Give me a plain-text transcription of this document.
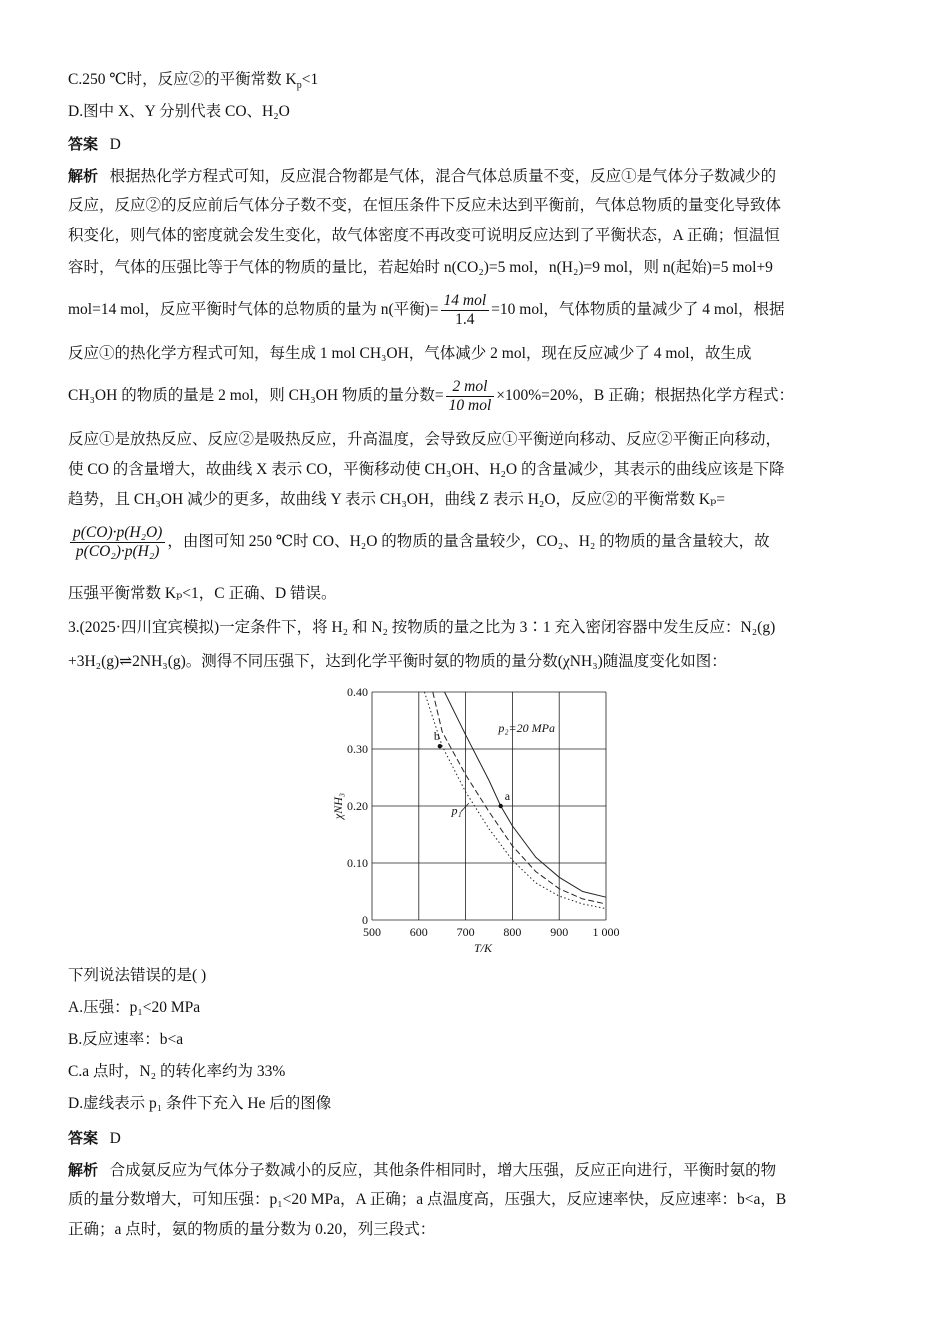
C.250 ℃时，反应②的平衡常数 $K_p<1$
D.图中 X、Y 分别代表 CO、H₂O
答案 D
解析 根据热化学方程式可知，反应混合物都是气体，混合气体总质量不变，反应①是气体分子数减少的
反应，反应②的反应前后气体分子数不变，在恒压条件下反应未达到平衡前，气体总物质的量变化导致体
积变化，则气体的密度就会发生变化，故气体密度不再改变可说明反应达到了平衡状态，A 正确；恒温恒
容时，气体的压强比等于气体的物质的量比，若起始时 n(CO₂)=5 mol，n(H₂)=9 mol，则 n(起始)=5 mol+9
mol=14 mol，反应平衡时气体的总物质的量为 n(平衡)= $\frac{\text{14 mol}}{1.4} =10$ mol，气体物质的量减少了 4 mol，根据
反应①的热化学方程式可知，每生成 1 mol CH₃OH，气体减少 2 mol，现在反应减少了 4 mol，故生成
CH₃OH 的物质的量是 2 mol，则 CH₃OH 物质的量分数= $\frac{\text{2 mol}}{\text{10 mol}} \times 100\%=20\%$，B 正确；根据热化学方程式：
反应①是放热反应、反应②是吸热反应，升高温度，会导致反应①平衡逆向移动、反应②平衡正向移动，
使 CO 的含量增大，故曲线 X 表示 CO，平衡移动使 CH₃OH、H₂O 的含量减少，其表示的曲线应该是下降
趋势，且 CH₃OH 减少的更多，故曲线 Y 表示 CH₃OH，曲线 Z 表示 H₂O，反应②的平衡常数 Kₚ=
$\frac{\text{p(CO)·p(H₂O)}}{\text{p(CO₂)·p(H₂)}}$ ，由图可知 250 ℃时 CO、H₂O 的物质的量含量较少，CO₂、H₂ 的物质的量含量较大，故
压强平衡常数 Kₚ<1，C 正确、D 错误。
3.(2025·四川宜宾模拟)一定条件下，将 H₂ 和 N₂ 按物质的量之比为 3∶1 充入密闭容器中发生反应：N₂(g)
+3H₂(g)⇌2NH₃(g)。测得不同压强下，达到化学平衡时氨的物质的量分数(χNH₃)随温度变化如图：
下列说法错误的是( )
A.压强：p₁<20 MPa
B.反应速率：b<a
C.a 点时，N₂ 的转化率约为 33%
D.虚线表示 p₁ 条件下充入 He 后的图像
答案 D
解析 合成氨反应为气体分子数减小的反应，其他条件相同时，增大压强，反应正向进行，平衡时氨的物
质的量分数增大，可知压强：p₁<20 MPa，A 正确；a 点温度高，压强大，反应速率快，反应速率：b<a，B
正确；a 点时，氨的物质的量分数为 0.20，列三段式：
500 600 700 800 900 1 000
0
0.10
0.20
0.30
0.40
T/K
χNH₃
p₂=20 MPa
p₁
a
b
